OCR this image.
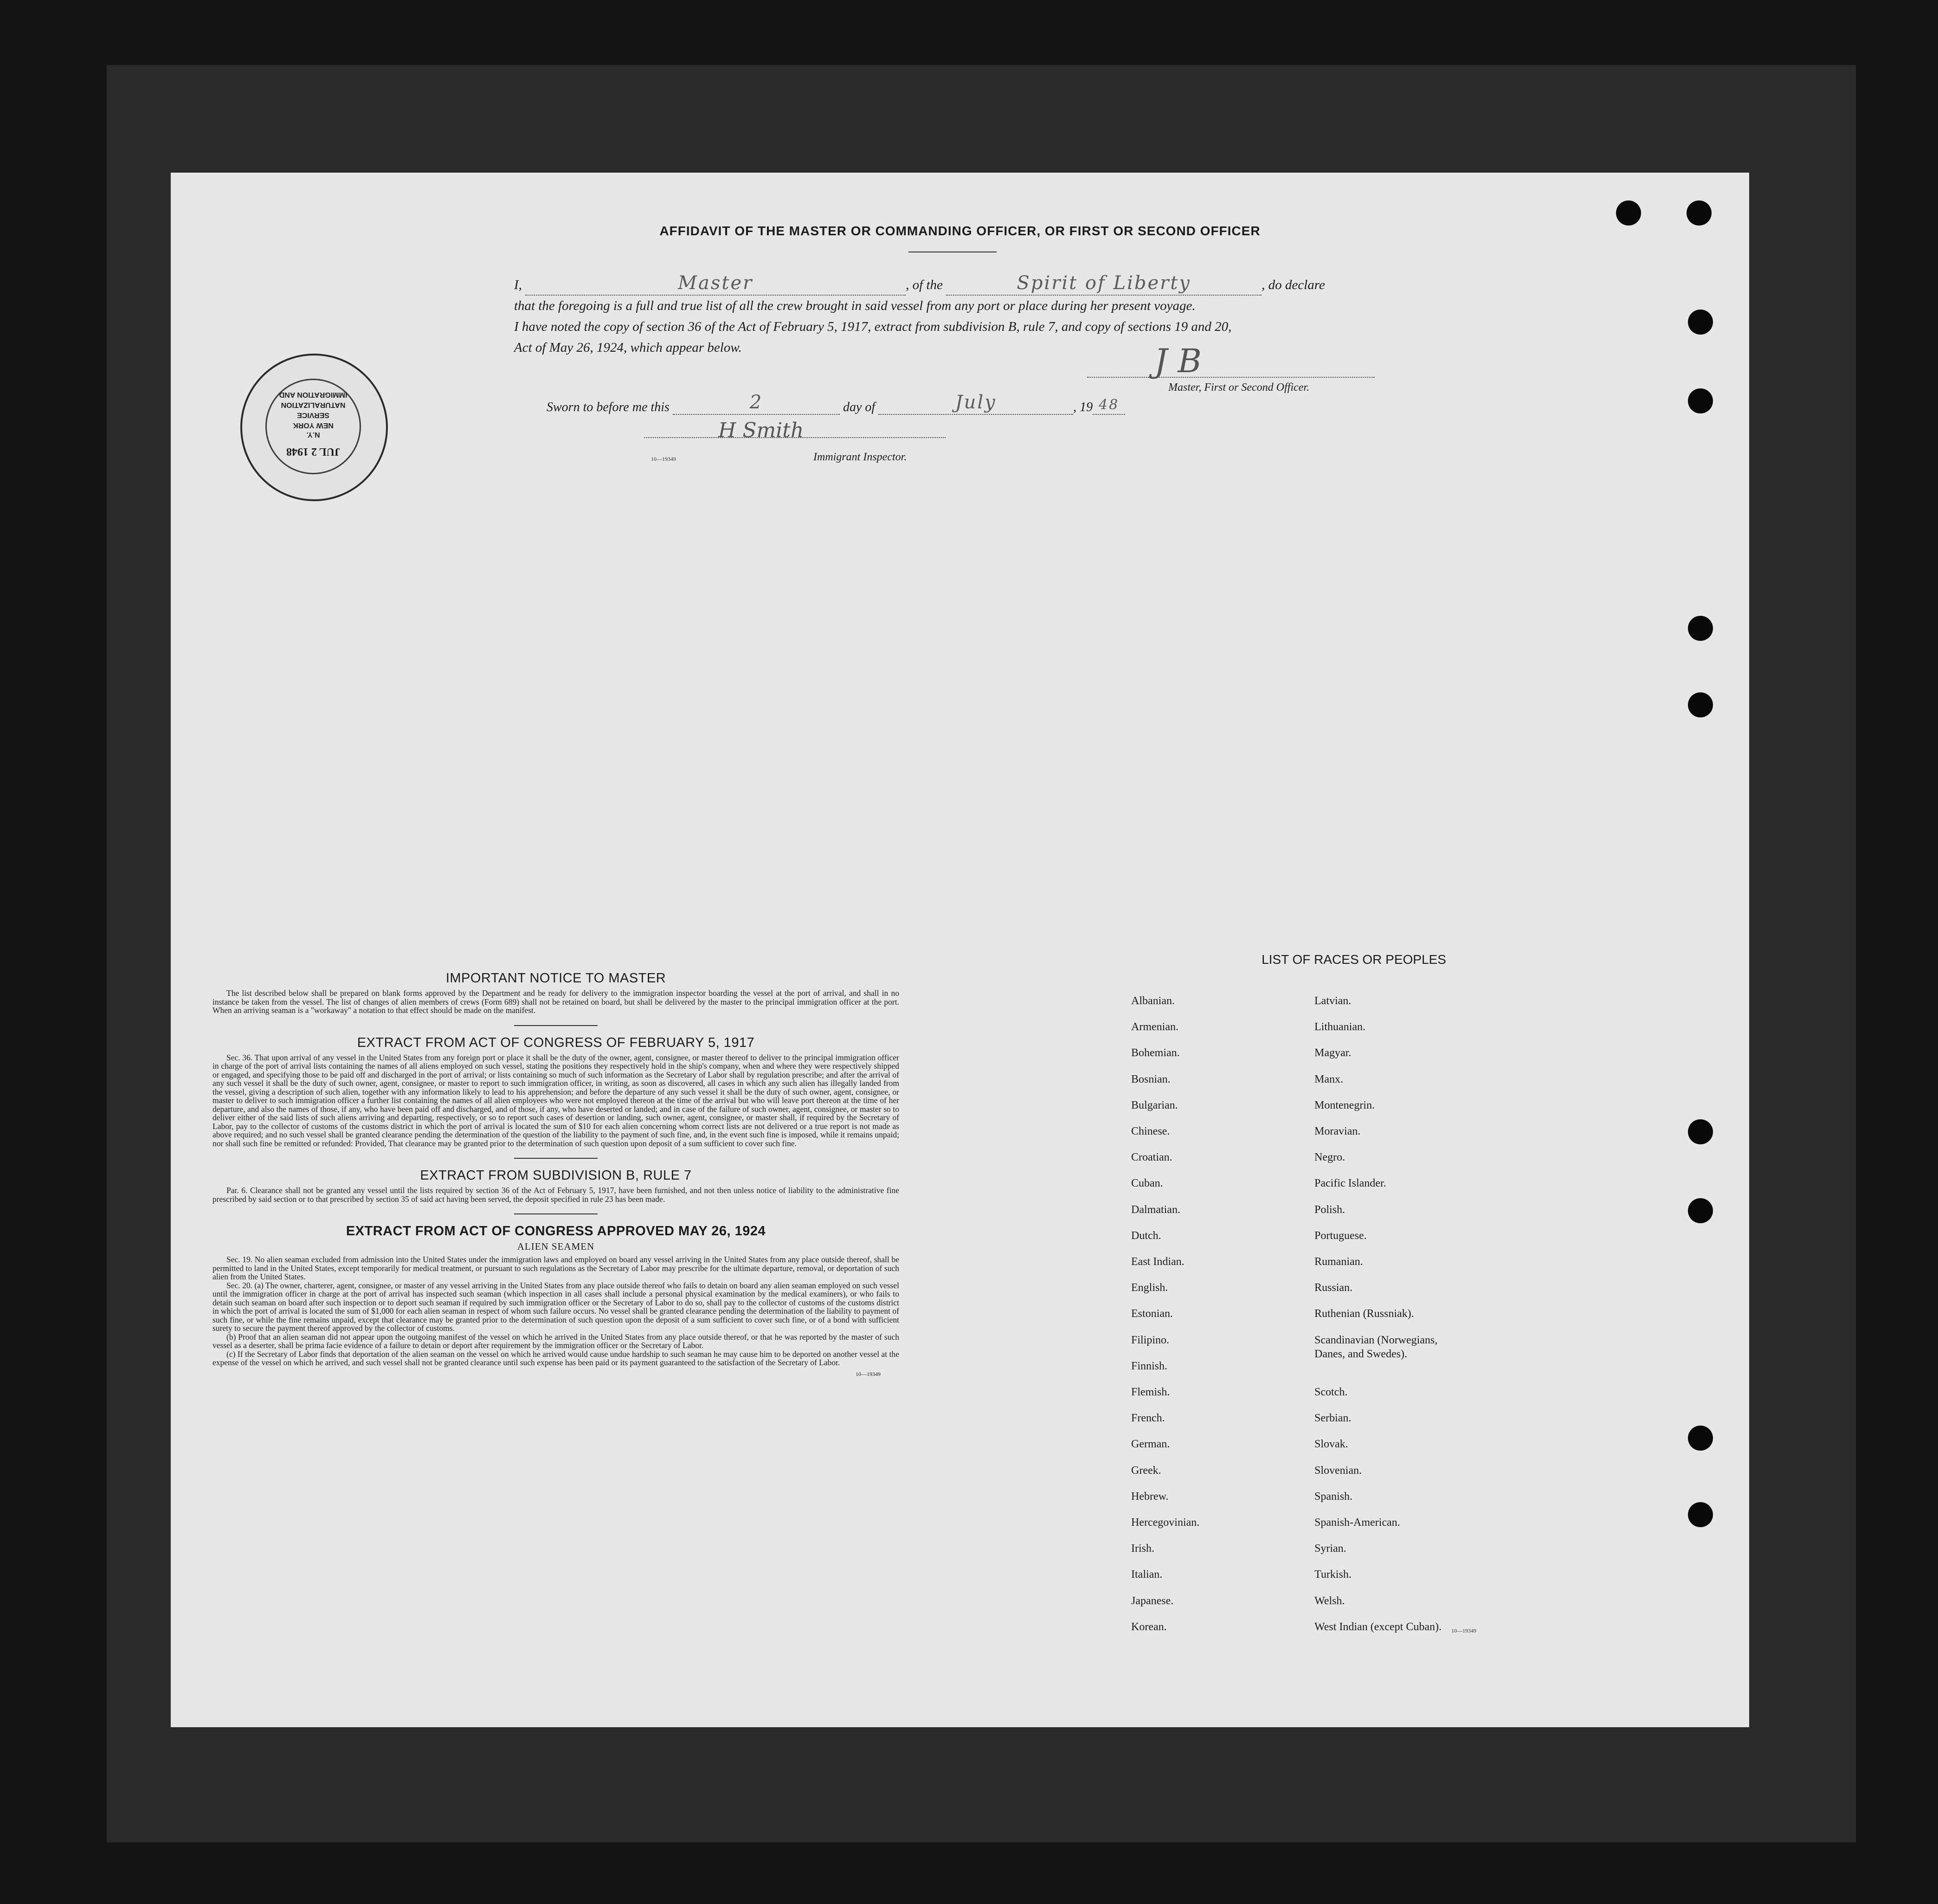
AFFIDAVIT OF THE MASTER OR COMMANDING OFFICER, OR FIRST OR SECOND OFFICER
I,	Master	, of the	Spirit of Liberty	, do declare
that the foregoing is a full and true list of all the crew brought in said vessel from any port or place during her present voyage.
I have noted the copy of section 36 of the Act of February 5, 1917, extract from subdivision B, rule 7, and copy of sections 19 and 20,
Act of May 26, 1924, which appear below.	J B
Master, First or Second Officer.
Sworn to before me this	2	day of	July	, 19 48
H Smith
10—19349	Immigrant Inspector.
IMMIGRATION AND
NATURALIZATION
SERVICE
NEW YORK
N.Y.
JUL 2 1948
IMPORTANT NOTICE TO MASTER

The list described below shall be prepared on blank forms approved by the Department and be ready for delivery to the immigration inspector boarding the vessel at the port of arrival, and shall in no instance be taken from the vessel. The list of changes of alien members of crews (Form 689) shall not be retained on board, but shall be delivered by the master to the principal immigration officer at the port. When an arriving seaman is a "workaway" a notation to that effect should be made on the manifest.

EXTRACT FROM ACT OF CONGRESS OF FEBRUARY 5, 1917

Sec. 36. That upon arrival of any vessel in the United States from any foreign port or place it shall be the duty of the owner, agent, consignee, or master thereof to deliver to the principal immigration officer in charge of the port of arrival lists containing the names of all aliens employed on such vessel, stating the positions they respectively hold in the ship's company, when and where they were respectively shipped or engaged, and specifying those to be paid off and discharged in the port of arrival; or lists containing so much of such information as the Secretary of Labor shall by regulation prescribe; and after the arrival of any such vessel it shall be the duty of such owner, agent, consignee, or master to report to such immigration officer, in writing, as soon as discovered, all cases in which any such alien has illegally landed from the vessel, giving a description of such alien, together with any information likely to lead to his apprehension; and before the departure of any such vessel it shall be the duty of such owner, agent, consignee, or master to deliver to such immigration officer a further list containing the names of all alien employees who were not employed thereon at the time of the arrival but who will leave port thereon at the time of her departure, and also the names of those, if any, who have been paid off and discharged, and of those, if any, who have deserted or landed; and in case of the failure of such owner, agent, consignee, or master so to deliver either of the said lists of such aliens arriving and departing, respectively, or so to report such cases of desertion or landing, such owner, agent, consignee, or master shall, if required by the Secretary of Labor, pay to the collector of customs of the customs district in which the port of arrival is located the sum of $10 for each alien concerning whom correct lists are not delivered or a true report is not made as above required; and no such vessel shall be granted clearance pending the determination of the question of the liability to the payment of such fine, and, in the event such fine is imposed, while it remains unpaid; nor shall such fine be remitted or refunded: Provided, That clearance may be granted prior to the determination of such question upon deposit of a sum sufficient to cover such fine.

EXTRACT FROM SUBDIVISION B, RULE 7

Par. 6. Clearance shall not be granted any vessel until the lists required by section 36 of the Act of February 5, 1917, have been furnished, and not then unless notice of liability to the administrative fine prescribed by said section or to that prescribed by section 35 of said act having been served, the deposit specified in rule 23 has been made.

EXTRACT FROM ACT OF CONGRESS APPROVED MAY 26, 1924
ALIEN SEAMEN

Sec. 19. No alien seaman excluded from admission into the United States under the immigration laws and employed on board any vessel arriving in the United States from any place outside thereof, shall be permitted to land in the United States, except temporarily for medical treatment, or pursuant to such regulations as the Secretary of Labor may prescribe for the ultimate departure, removal, or deportation of such alien from the United States.

Sec. 20. (a) The owner, charterer, agent, consignee, or master of any vessel arriving in the United States from any place outside thereof who fails to detain on board any alien seaman employed on such vessel until the immigration officer in charge at the port of arrival has inspected such seaman (which inspection in all cases shall include a personal physical examination by the medical examiners), or who fails to detain such seaman on board after such inspection or to deport such seaman if required by such immigration officer or the Secretary of Labor to do so, shall pay to the collector of customs of the customs district in which the port of arrival is located the sum of $1,000 for each alien seaman in respect of whom such failure occurs. No vessel shall be granted clearance pending the determination of the liability to payment of such fine, or while the fine remains unpaid, except that clearance may be granted prior to the determination of such question upon the deposit of a sum sufficient to cover such fine, or of a bond with sufficient surety to secure the payment thereof approved by the collector of customs.

(b) Proof that an alien seaman did not appear upon the outgoing manifest of the vessel on which he arrived in the United States from any place outside thereof, or that he was reported by the master of such vessel as a deserter, shall be prima facie evidence of a failure to detain or deport after requirement by the immigration officer or the Secretary of Labor.

(c) If the Secretary of Labor finds that deportation of the alien seaman on the vessel on which he arrived would cause undue hardship to such seaman he may cause him to be deported on another vessel at the expense of the vessel on which he arrived, and such vessel shall not be granted clearance until such expense has been paid or its payment guaranteed to the satisfaction of the Secretary of Labor.

10—19349
LIST OF RACES OR PEOPLES
Albanian.
Armenian.
Bohemian.
Bosnian.
Bulgarian.
Chinese.
Croatian.
Cuban.
Dalmatian.
Dutch.
East Indian.
English.
Estonian.
Filipino.
Finnish.
Flemish.
French.
German.
Greek.
Hebrew.
Hercegovinian.
Irish.
Italian.
Japanese.
Korean.
Latvian.
Lithuanian.
Magyar.
Manx.
Montenegrin.
Moravian.
Negro.
Pacific Islander.
Polish.
Portuguese.
Rumanian.
Russian.
Ruthenian (Russniak).
Scandinavian (Norwegians,
Danes, and Swedes).
Scotch.
Serbian.
Slovak.
Slovenian.
Spanish.
Spanish-American.
Syrian.
Turkish.
Welsh.
West Indian (except Cuban). 10—19349
